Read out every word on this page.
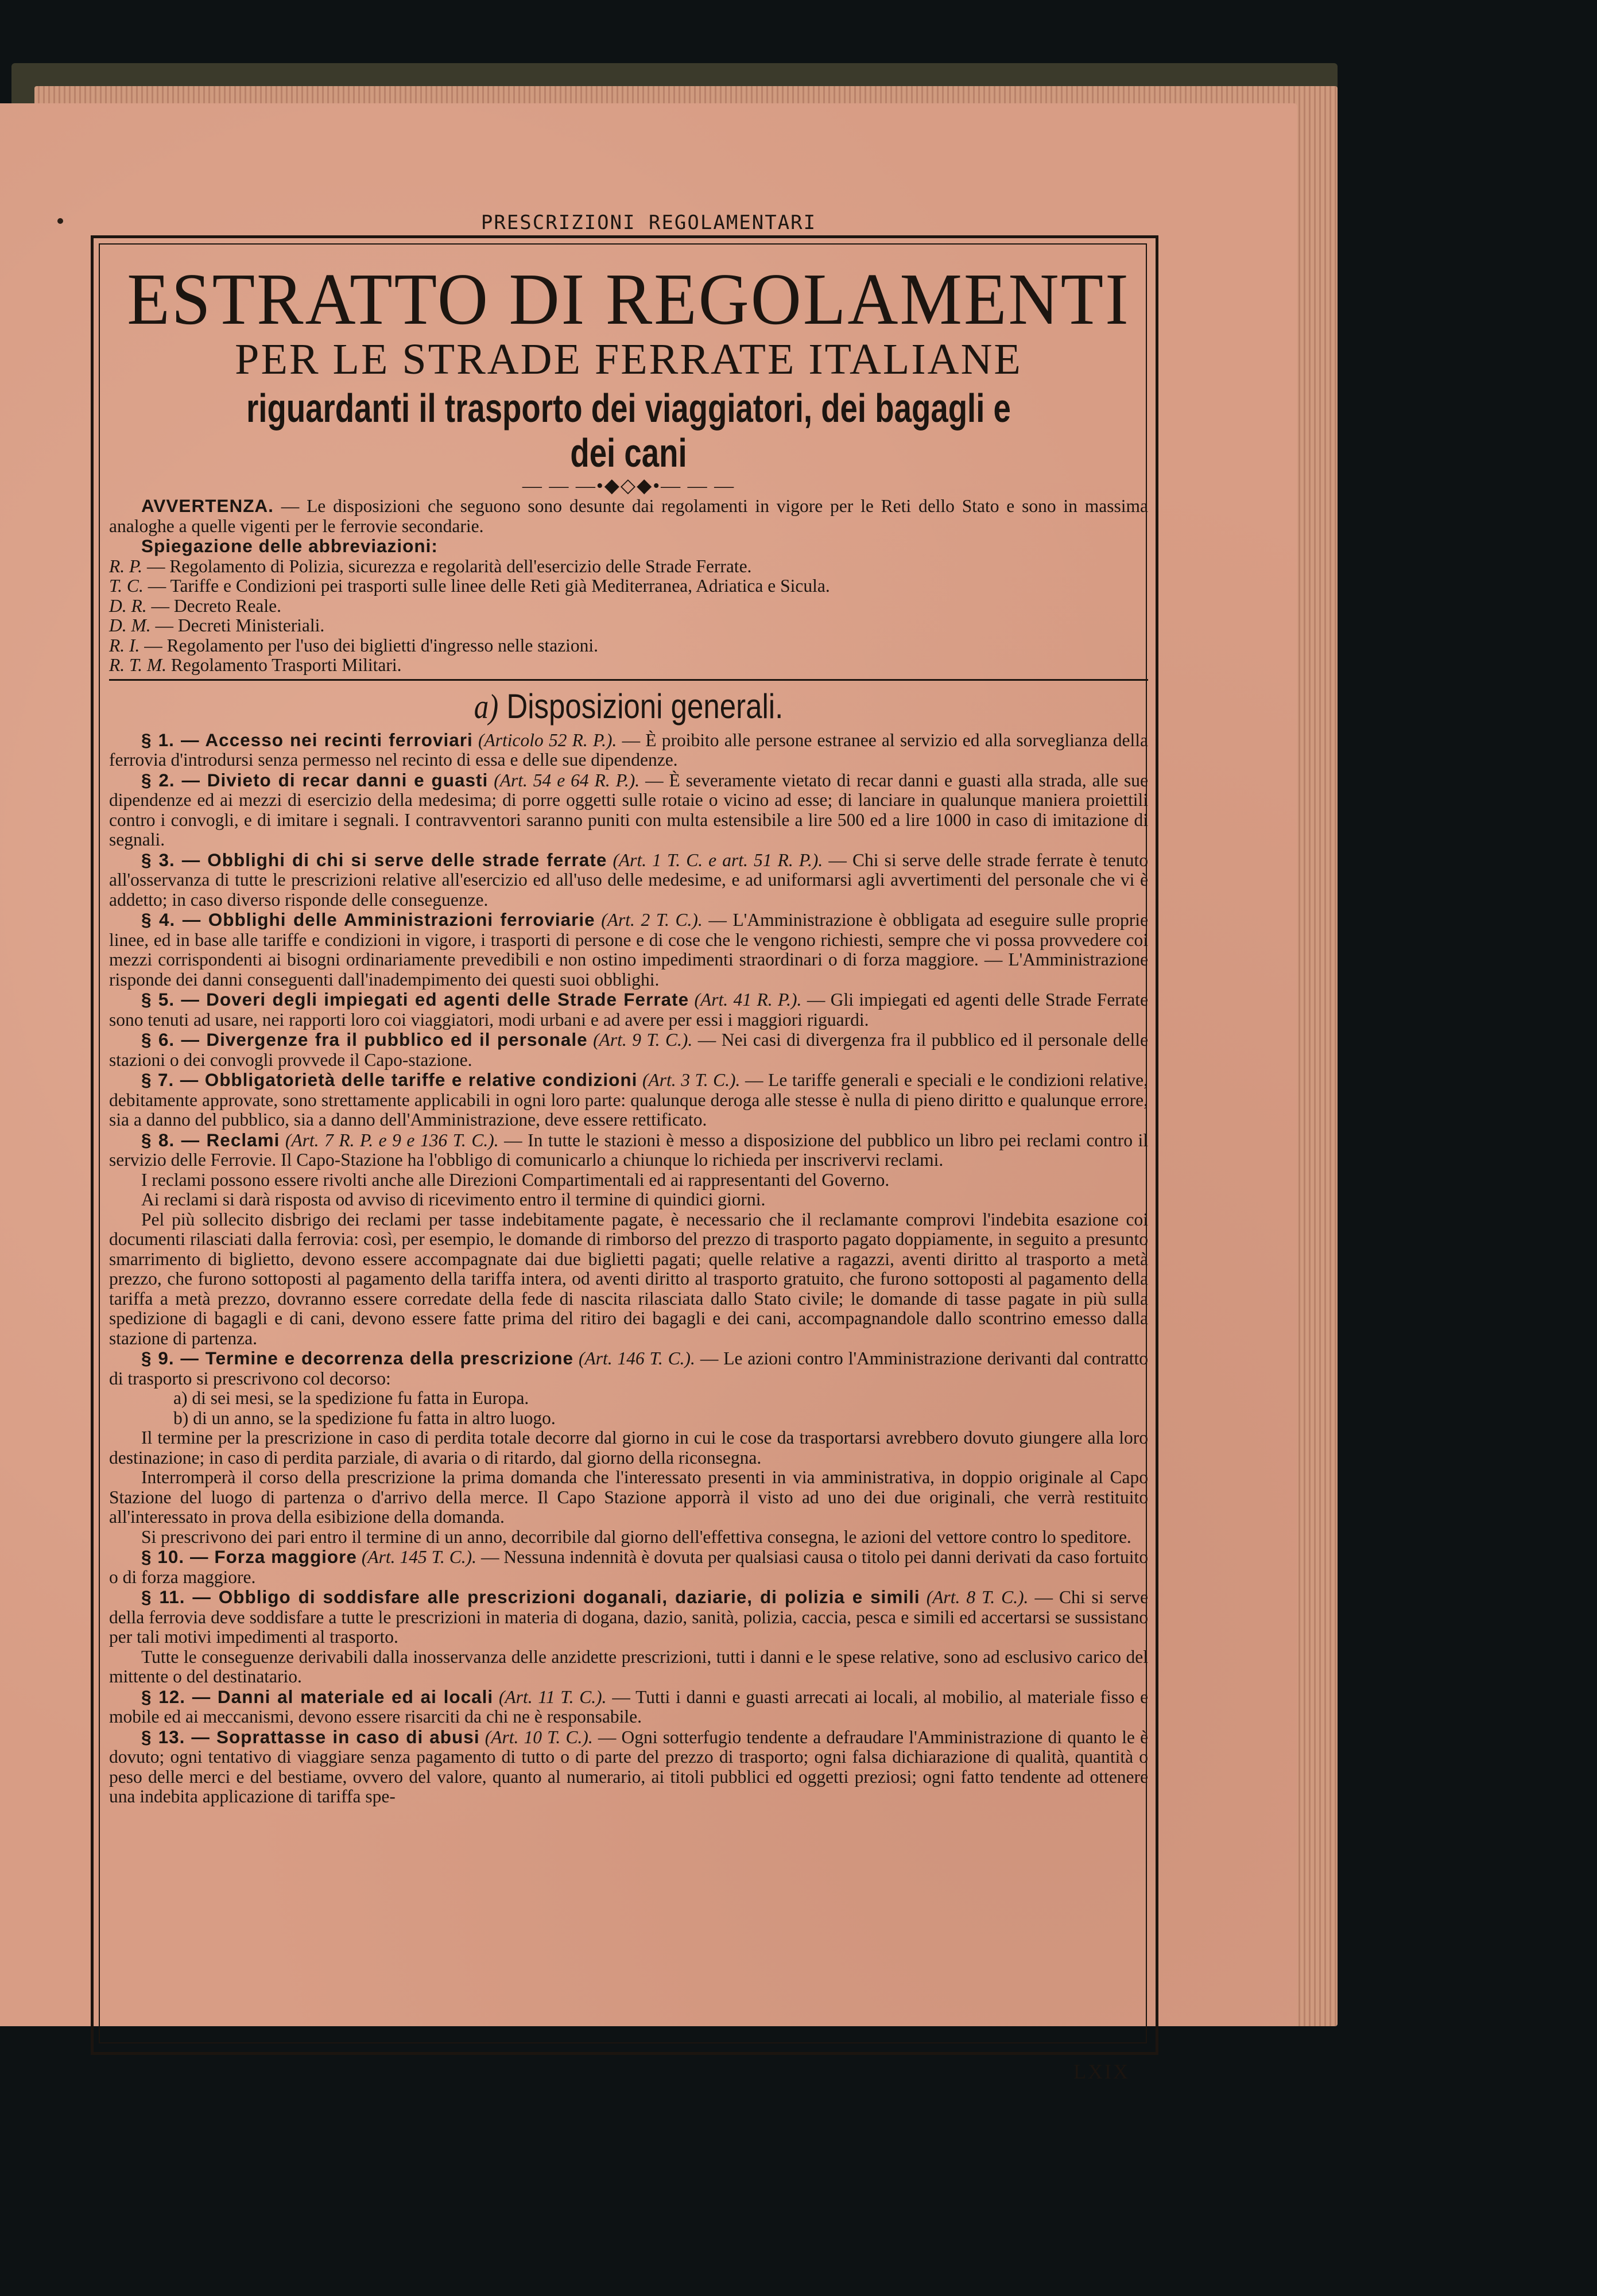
PRESCRIZIONI REGOLAMENTARI
ESTRATTO DI REGOLAMENTI
PER LE STRADE FERRATE ITALIANE
riguardanti il trasporto dei viaggiatori, dei bagagli e dei cani
— — —•◆◇◆•— — —

AVVERTENZA. — Le disposizioni che seguono sono desunte dai regolamenti in vigore per le Reti dello Stato e sono in massima analoghe a quelle vigenti per le ferrovie secondarie.

Spiegazione delle abbreviazioni:

R. P. — Regolamento di Polizia, sicurezza e regolarità dell'esercizio delle Strade Ferrate.

T. C. — Tariffe e Condizioni pei trasporti sulle linee delle Reti già Mediterranea, Adriatica e Sicula.

D. R. — Decreto Reale.

D. M. — Decreti Ministeriali.

R. I. — Regolamento per l'uso dei biglietti d'ingresso nelle stazioni.

R. T. M. Regolamento Trasporti Militari.

a) Disposizioni generali.

§ 1. — Accesso nei recinti ferroviari (Articolo 52 R. P.). — È proibito alle persone estranee al servizio ed alla sorveglianza della ferrovia d'introdursi senza permesso nel recinto di essa e delle sue dipendenze.

§ 2. — Divieto di recar danni e guasti (Art. 54 e 64 R. P.). — È severamente vietato di recar danni e guasti alla strada, alle sue dipendenze ed ai mezzi di esercizio della medesima; di porre oggetti sulle rotaie o vicino ad esse; di lanciare in qualunque maniera proiettili contro i convogli, e di imitare i segnali. I contravventori saranno puniti con multa estensibile a lire 500 ed a lire 1000 in caso di imitazione di segnali.

§ 3. — Obblighi di chi si serve delle strade ferrate (Art. 1 T. C. e art. 51 R. P.). — Chi si serve delle strade ferrate è tenuto all'osservanza di tutte le prescrizioni relative all'esercizio ed all'uso delle medesime, e ad uniformarsi agli avvertimenti del personale che vi è addetto; in caso diverso risponde delle conseguenze.

§ 4. — Obblighi delle Amministrazioni ferroviarie (Art. 2 T. C.). — L'Amministrazione è obbligata ad eseguire sulle proprie linee, ed in base alle tariffe e condizioni in vigore, i trasporti di persone e di cose che le vengono richiesti, sempre che vi possa provvedere coi mezzi corrispondenti ai bisogni ordinariamente prevedibili e non ostino impedimenti straordinari o di forza maggiore. — L'Amministrazione risponde dei danni conseguenti dall'inadempimento dei questi suoi obblighi.

§ 5. — Doveri degli impiegati ed agenti delle Strade Ferrate (Art. 41 R. P.). — Gli impiegati ed agenti delle Strade Ferrate sono tenuti ad usare, nei rapporti loro coi viaggiatori, modi urbani e ad avere per essi i maggiori riguardi.

§ 6. — Divergenze fra il pubblico ed il personale (Art. 9 T. C.). — Nei casi di divergenza fra il pubblico ed il personale delle stazioni o dei convogli provvede il Capo-stazione.

§ 7. — Obbligatorietà delle tariffe e relative condizioni (Art. 3 T. C.). — Le tariffe generali e speciali e le condizioni relative, debitamente approvate, sono strettamente applicabili in ogni loro parte: qualunque deroga alle stesse è nulla di pieno diritto e qualunque errore, sia a danno del pubblico, sia a danno dell'Amministrazione, deve essere rettificato.

§ 8. — Reclami (Art. 7 R. P. e 9 e 136 T. C.). — In tutte le stazioni è messo a disposizione del pubblico un libro pei reclami contro il servizio delle Ferrovie. Il Capo-Stazione ha l'obbligo di comunicarlo a chiunque lo richieda per inscrivervi reclami.

I reclami possono essere rivolti anche alle Direzioni Compartimentali ed ai rappresentanti del Governo.

Ai reclami si darà risposta od avviso di ricevimento entro il termine di quindici giorni.

Pel più sollecito disbrigo dei reclami per tasse indebitamente pagate, è necessario che il reclamante comprovi l'indebita esazione coi documenti rilasciati dalla ferrovia: così, per esempio, le domande di rimborso del prezzo di trasporto pagato doppiamente, in seguito a presunto smarrimento di biglietto, devono essere accompagnate dai due biglietti pagati; quelle relative a ragazzi, aventi diritto al trasporto a metà prezzo, che furono sottoposti al pagamento della tariffa intera, od aventi diritto al trasporto gratuito, che furono sottoposti al pagamento della tariffa a metà prezzo, dovranno essere corredate della fede di nascita rilasciata dallo Stato civile; le domande di tasse pagate in più sulla spedizione di bagagli e di cani, devono essere fatte prima del ritiro dei bagagli e dei cani, accompagnandole dallo scontrino emesso dalla stazione di partenza.

§ 9. — Termine e decorrenza della prescrizione (Art. 146 T. C.). — Le azioni contro l'Amministrazione derivanti dal contratto di trasporto si prescrivono col decorso:

a) di sei mesi, se la spedizione fu fatta in Europa.

b) di un anno, se la spedizione fu fatta in altro luogo.

Il termine per la prescrizione in caso di perdita totale decorre dal giorno in cui le cose da trasportarsi avrebbero dovuto giungere alla loro destinazione; in caso di perdita parziale, di avaria o di ritardo, dal giorno della riconsegna.

Interromperà il corso della prescrizione la prima domanda che l'interessato presenti in via amministrativa, in doppio originale al Capo Stazione del luogo di partenza o d'arrivo della merce. Il Capo Stazione apporrà il visto ad uno dei due originali, che verrà restituito all'interessato in prova della esibizione della domanda.

Si prescrivono dei pari entro il termine di un anno, decorribile dal giorno dell'effettiva consegna, le azioni del vettore contro lo speditore.

§ 10. — Forza maggiore (Art. 145 T. C.). — Nessuna indennità è dovuta per qualsiasi causa o titolo pei danni derivati da caso fortuito o di forza maggiore.

§ 11. — Obbligo di soddisfare alle prescrizioni doganali, daziarie, di polizia e simili (Art. 8 T. C.). — Chi si serve della ferrovia deve soddisfare a tutte le prescrizioni in materia di dogana, dazio, sanità, polizia, caccia, pesca e simili ed accertarsi se sussistano per tali motivi impedimenti al trasporto.

Tutte le conseguenze derivabili dalla inosservanza delle anzidette prescrizioni, tutti i danni e le spese relative, sono ad esclusivo carico del mittente o del destinatario.

§ 12. — Danni al materiale ed ai locali (Art. 11 T. C.). — Tutti i danni e guasti arrecati ai locali, al mobilio, al materiale fisso e mobile ed ai meccanismi, devono essere risarciti da chi ne è responsabile.

§ 13. — Soprattasse in caso di abusi (Art. 10 T. C.). — Ogni sotterfugio tendente a defraudare l'Amministrazione di quanto le è dovuto; ogni tentativo di viaggiare senza pagamento di tutto o di parte del prezzo di trasporto; ogni falsa dichiarazione di qualità, quantità o peso delle merci e del bestiame, ovvero del valore, quanto al numerario, ai titoli pubblici ed oggetti preziosi; ogni fatto tendente ad ottenere una indebita applicazione di tariffa spe-

LXIX
